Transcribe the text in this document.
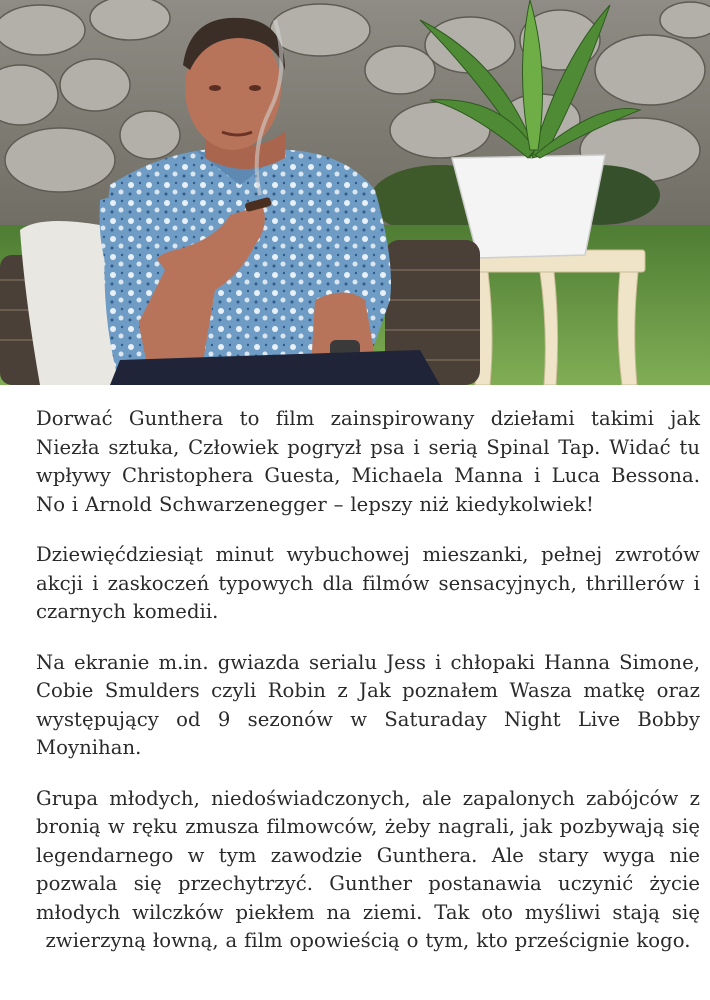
Dorwać Gunthera to film zainspirowany dziełami takimi jak Niezła sztuka, Człowiek pogryzł psa i serią Spinal Tap. Widać tu wpływy Christophera Guesta, Michaela Manna i Luca Bessona. No i Arnold Schwarzenegger – lepszy niż kiedykolwiek!

Dziewięćdziesiąt minut wybuchowej mieszanki, pełnej zwrotów akcji i zaskoczeń typowych dla filmów sensacyjnych, thrillerów i czarnych komedii.

Na ekranie m.in. gwiazda serialu Jess i chłopaki Hanna Simone, Cobie Smulders czyli Robin z Jak poznałem Wasza matkę oraz występujący od 9 sezonów w Saturaday Night Live Bobby Moynihan.

Grupa młodych, niedoświadczonych, ale zapalonych zabójców z bronią w ręku zmusza filmowców, żeby nagrali, jak pozbywają się legendarnego w tym zawodzie Gunthera. Ale stary wyga nie pozwala się przechytrzyć. Gunther postanawia uczynić życie młodych wilczków piekłem na ziemi. Tak oto myśliwi stają się zwierzyną łowną, a film opowieścią o tym, kto prześcignie kogo.
